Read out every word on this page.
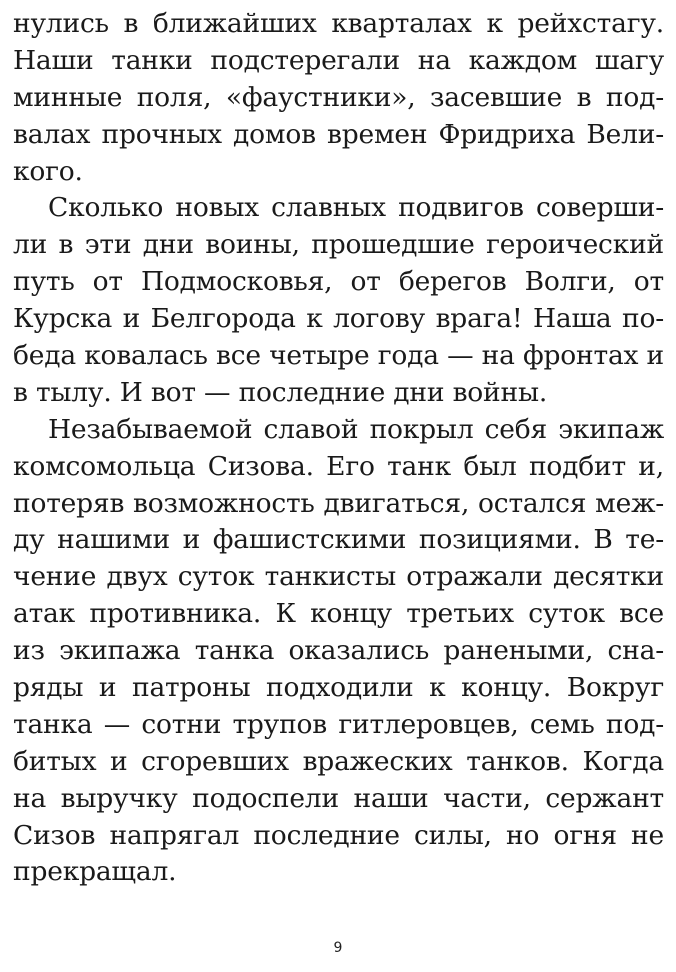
нулись в ближайших кварталах к рейхстагу.
Наши танки подстерегали на каждом шагу
минные поля, «фаустники», засевшие в под-
валах прочных домов времен Фридриха Вели-
кого.
Сколько новых славных подвигов соверши-
ли в эти дни воины, прошедшие героический
путь от Подмосковья, от берегов Волги, от
Курска и Белгорода к логову врага! Наша по-
беда ковалась все четыре года — на фронтах и
в тылу. И вот — последние дни войны.
Незабываемой славой покрыл себя экипаж
комсомольца Сизова. Его танк был подбит и,
потеряв возможность двигаться, остался меж-
ду нашими и фашистскими позициями. В те-
чение двух суток танкисты отражали десятки
атак противника. К концу третьих суток все
из экипажа танка оказались ранеными, сна-
ряды и патроны подходили к концу. Вокруг
танка — сотни трупов гитлеровцев, семь под-
битых и сгоревших вражеских танков. Когда
на выручку подоспели наши части, сержант
Сизов напрягал последние силы, но огня не
прекращал.
9
